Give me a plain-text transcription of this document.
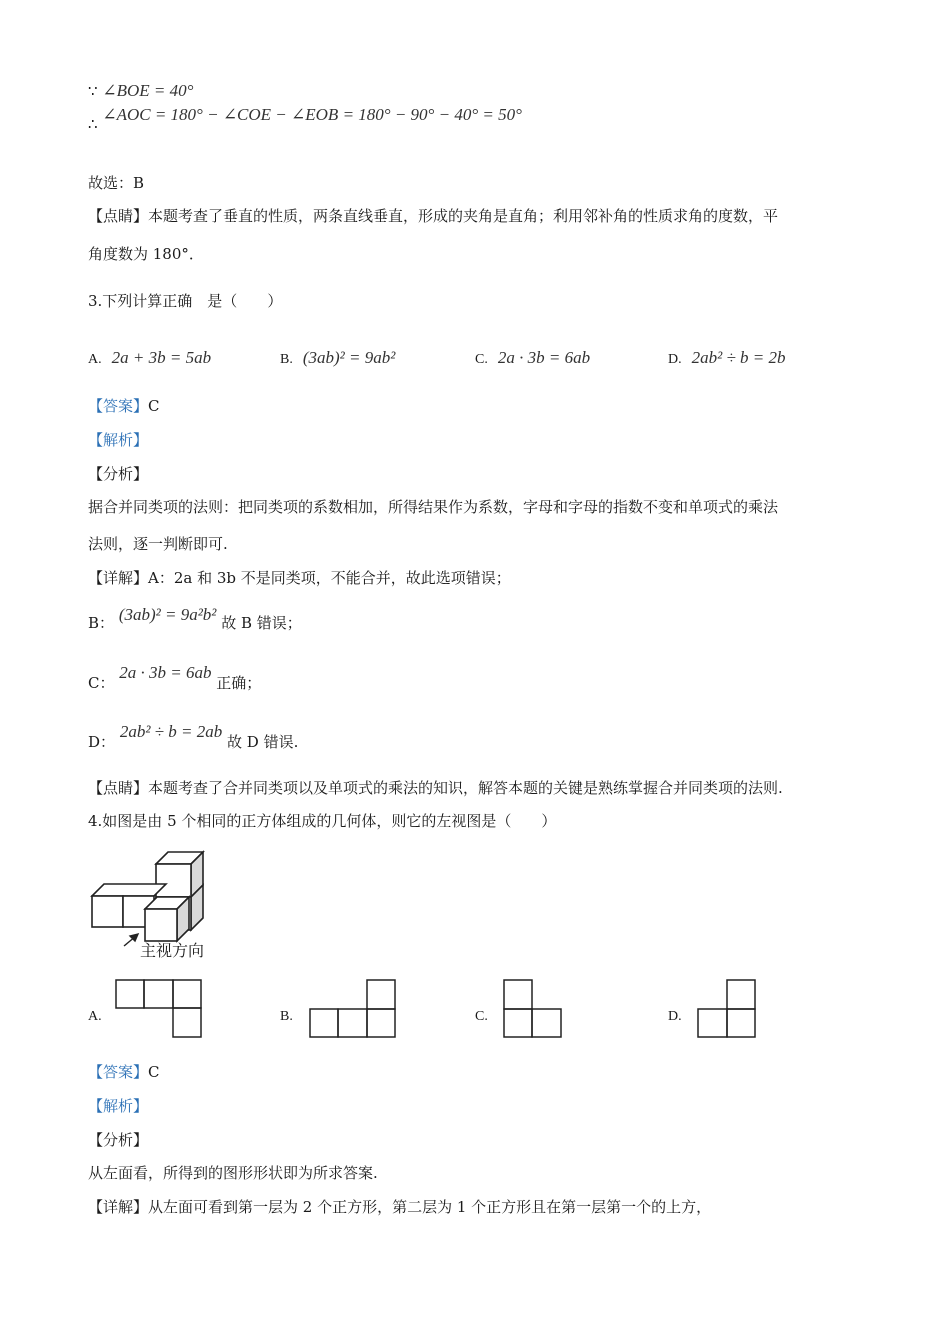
∵ ∠BOE = 40°
∴ ∠AOC = 180° − ∠COE − ∠EOB = 180° − 90° − 40° = 50°
故选：B
【点睛】本题考查了垂直的性质，两条直线垂直，形成的夹角是直角；利用邻补角的性质求角的度数，平
角度数为 180°．
3.下列计算正确　是（　　）
A. 2a + 3b = 5ab	B. (3ab)² = 9ab²	C. 2a · 3b = 6ab	D. 2ab² ÷ b = 2b
【答案】C
【解析】
【分析】
据合并同类项的法则：把同类项的系数相加，所得结果作为系数，字母和字母的指数不变和单项式的乘法
法则，逐一判断即可.
【详解】A：2a 和 3b 不是同类项，不能合并，故此选项错误；
B： (3ab)² = 9a²b² 故 B 错误；
C： 2a · 3b = 6ab 正确；
D： 2ab² ÷ b = 2ab 故 D 错误.
【点睛】本题考查了合并同类项以及单项式的乘法的知识，解答本题的关键是熟练掌握合并同类项的法则.
4.如图是由 5 个相同的正方体组成的几何体，则它的左视图是（　　）
主视方向
A.	B.	C.	D.
【答案】C
【解析】
【分析】
从左面看，所得到的图形形状即为所求答案.
【详解】从左面可看到第一层为 2 个正方形，第二层为 1 个正方形且在第一层第一个的上方，
